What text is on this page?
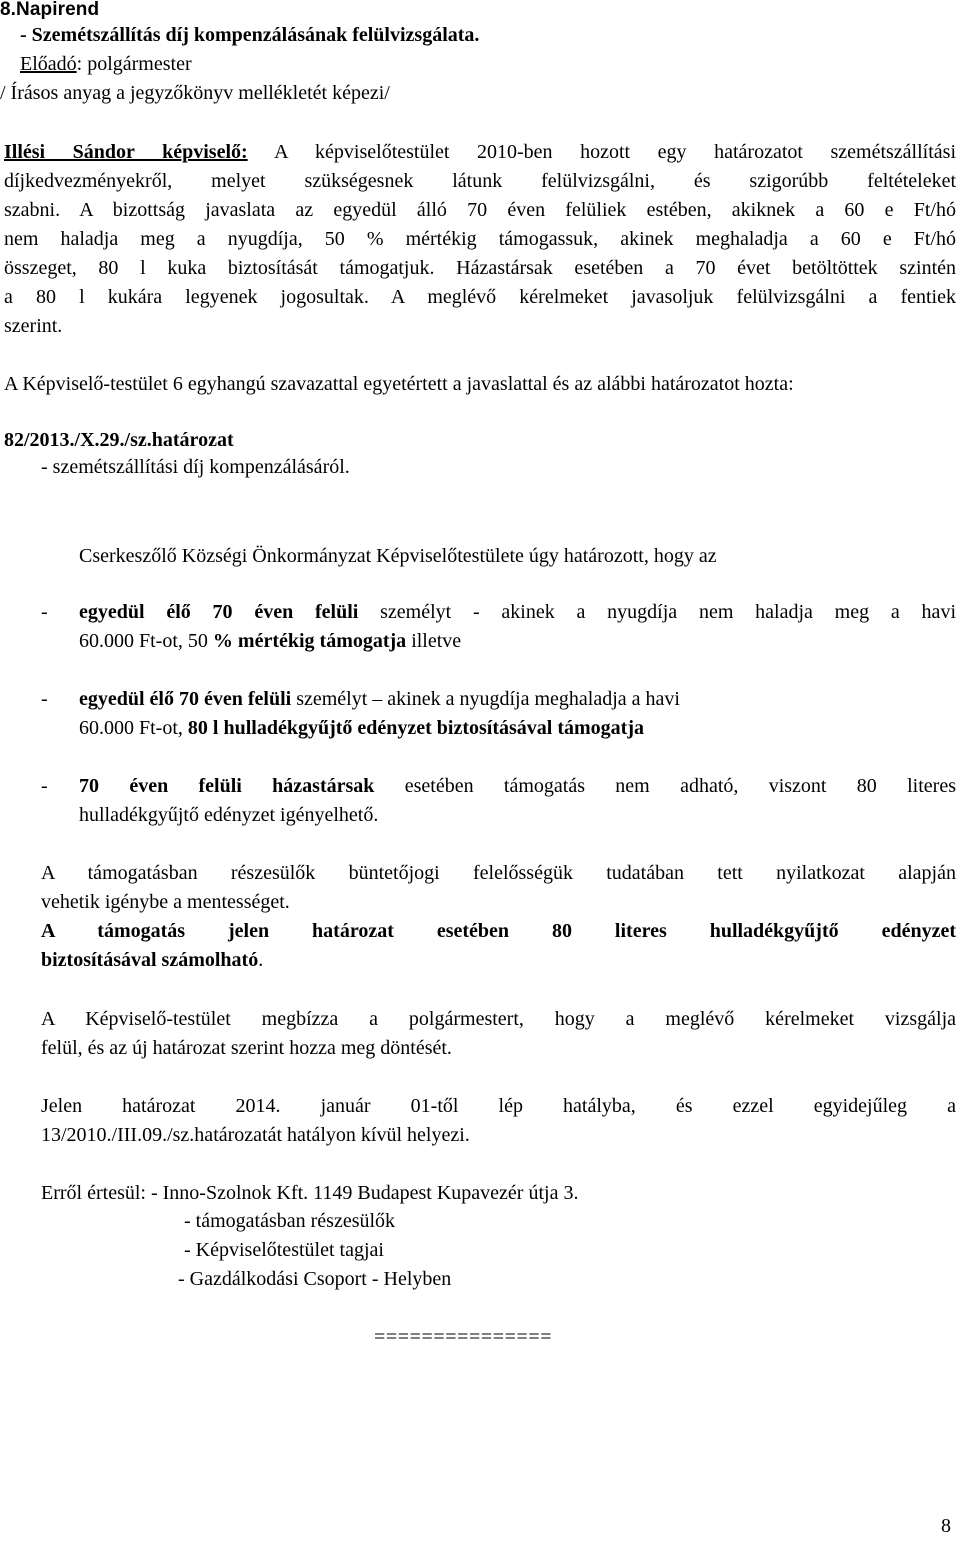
8.Napirend
- Szemétszállítás díj kompenzálásának felülvizsgálata.
Előadó: polgármester
/ Írásos anyag a jegyzőkönyv mellékletét képezi/
Illési Sándor képviselő: A képviselőtestület 2010-ben hozott egy határozatot szemétszállítási
díjkedvezményekről, melyet szükségesnek látunk felülvizsgálni, és szigorúbb feltételeket
szabni. A bizottság javaslata az egyedül álló 70 éven felüliek estében, akiknek a 60 e Ft/hó
nem haladja meg a nyugdíja, 50 % mértékig támogassuk, akinek meghaladja a 60 e Ft/hó
összeget, 80 l kuka biztosítását támogatjuk. Házastársak esetében a 70 évet betöltöttek szintén
a 80 l kukára legyenek jogosultak. A meglévő kérelmeket javasoljuk felülvizsgálni a fentiek
szerint.
A Képviselő-testület 6 egyhangú szavazattal egyetértett a javaslattal és az alábbi határozatot hozta:
82/2013./X.29./sz.határozat
- szemétszállítási díj kompenzálásáról.
Cserkeszőlő Községi Önkormányzat Képviselőtestülete úgy határozott, hogy az
- egyedül élő 70 éven felüli személyt - akinek a nyugdíja nem haladja meg a havi
60.000 Ft-ot, 50 % mértékig támogatja illetve
- egyedül élő 70 éven felüli személyt – akinek a nyugdíja meghaladja a havi
60.000 Ft-ot, 80 l hulladékgyűjtő edényzet biztosításával támogatja
- 70 éven felüli házastársak esetében támogatás nem adható, viszont 80 literes
hulladékgyűjtő edényzet igényelhető.
A támogatásban részesülők büntetőjogi felelősségük tudatában tett nyilatkozat alapján
vehetik igénybe a mentességet.
A támogatás jelen határozat esetében 80 literes hulladékgyűjtő edényzet
biztosításával számolható.
A Képviselő-testület megbízza a polgármestert, hogy a meglévő kérelmeket vizsgálja
felül, és az új határozat szerint hozza meg döntését.
Jelen határozat 2014. január 01-től lép hatályba, és ezzel egyidejűleg a
13/2010./III.09./sz.határozatát hatályon kívül helyezi.
Erről értesül: - Inno-Szolnok Kft. 1149 Budapest Kupavezér útja 3.
- támogatásban részesülők
- Képviselőtestület tagjai
- Gazdálkodási Csoport - Helyben
===============
8
